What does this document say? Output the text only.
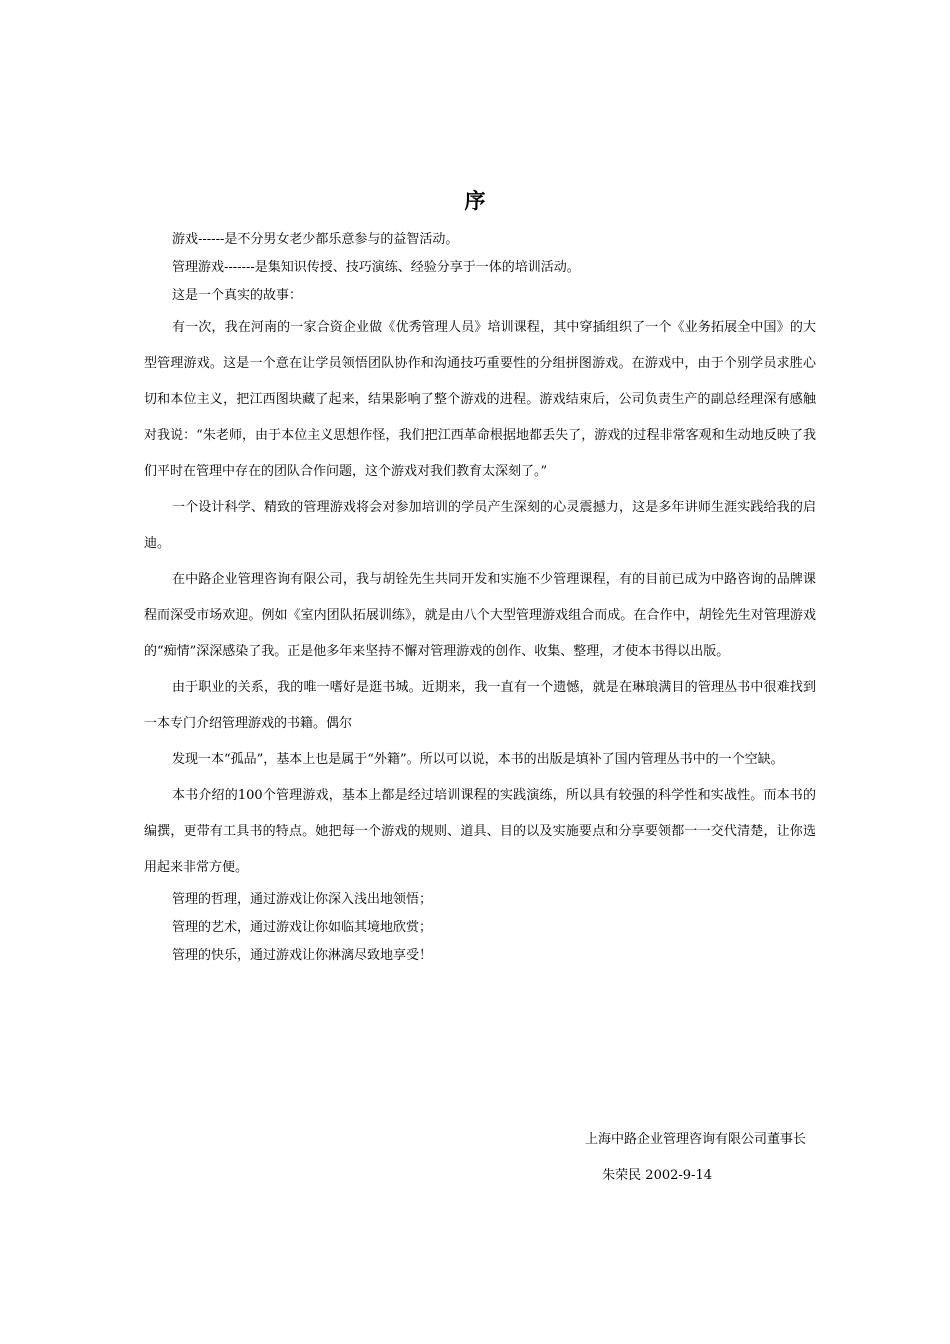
序

游戏------是不分男女老少都乐意参与的益智活动。

管理游戏-------是集知识传授、技巧演练、经验分享于一体的培训活动。

这是一个真实的故事：

有一次，我在河南的一家合资企业做《优秀管理人员》培训课程，其中穿插组织了一个《业务拓展全中国》的大型管理游戏。这是一个意在让学员领悟团队协作和沟通技巧重要性的分组拼图游戏。在游戏中，由于个别学员求胜心切和本位主义，把江西图块藏了起来，结果影响了整个游戏的进程。游戏结束后，公司负责生产的副总经理深有感触对我说：“朱老师，由于本位主义思想作怪，我们把江西革命根据地都丢失了，游戏的过程非常客观和生动地反映了我们平时在管理中存在的团队合作问题，这个游戏对我们教育太深刻了。”

一个设计科学、精致的管理游戏将会对参加培训的学员产生深刻的心灵震撼力，这是多年讲师生涯实践给我的启迪。

在中路企业管理咨询有限公司，我与胡铨先生共同开发和实施不少管理课程，有的目前已成为中路咨询的品牌课程而深受市场欢迎。例如《室内团队拓展训练》，就是由八个大型管理游戏组合而成。在合作中，胡铨先生对管理游戏的“痴情”深深感染了我。正是他多年来坚持不懈对管理游戏的创作、收集、整理，才使本书得以出版。

由于职业的关系，我的唯一嗜好是逛书城。近期来，我一直有一个遗憾，就是在琳琅满目的管理丛书中很难找到一本专门介绍管理游戏的书籍。偶尔

发现一本“孤品”，基本上也是属于“外籍”。所以可以说，本书的出版是填补了国内管理丛书中的一个空缺。

本书介绍的100个管理游戏，基本上都是经过培训课程的实践演练，所以具有较强的科学性和实战性。而本书的编撰，更带有工具书的特点。她把每一个游戏的规则、道具、目的以及实施要点和分享要领都一一交代清楚，让你选用起来非常方便。

管理的哲理，通过游戏让你深入浅出地领悟；

管理的艺术，通过游戏让你如临其境地欣赏；

管理的快乐，通过游戏让你淋漓尽致地享受！

上海中路企业管理咨询有限公司董事长
朱荣民 2002-9-14
